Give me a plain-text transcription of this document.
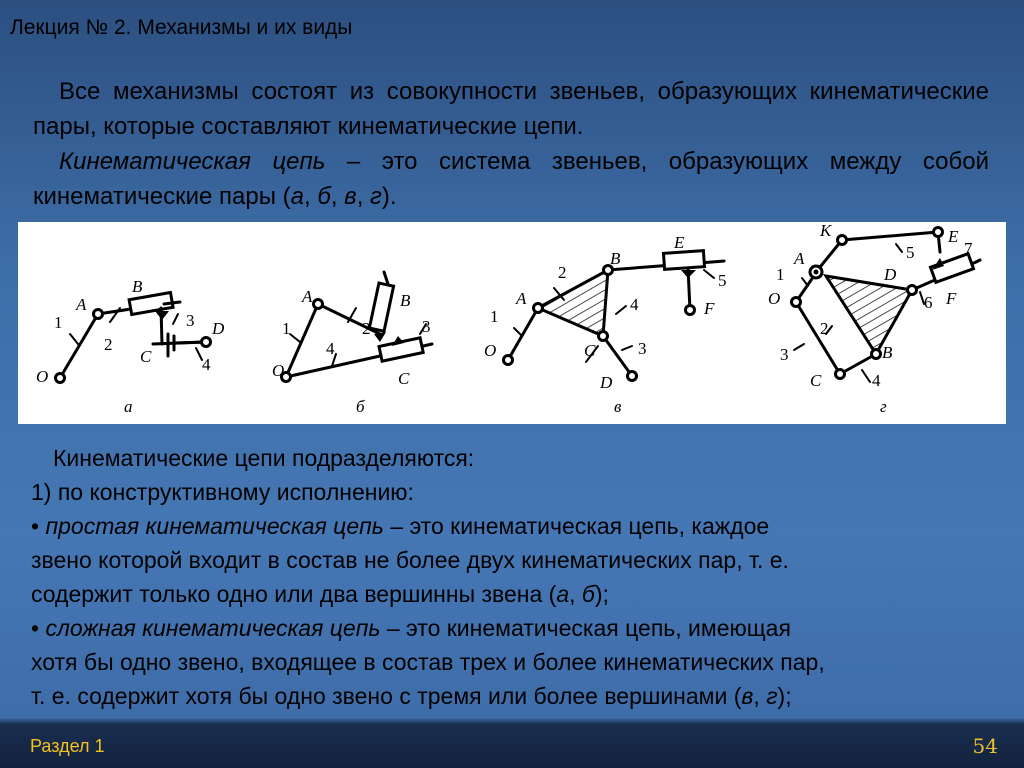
Лекция № 2. Механизмы и их виды

Все механизмы состоят из совокупности звеньев, образующих кинематические пары, которые составляют кинематические цепи.

Кинематическая цепь – это система звеньев, образующих между собой кинематические пары (а, б, в, г).

O
A
B
C
D
1
2
3
4
а
O
A	B
C
1	2	3
4
б
O
A
B
C
D
E
F
1
2
3
4
5
в
O
A
K	E
D
F
B
C
1
2
3
4
5
6
7
г
Кинематические цепи подразделяются:
1) по конструктивному исполнению:
• простая кинематическая цепь – это кинематическая цепь, каждое
звено которой входит в состав не более двух кинематических пар, т. е.
содержит только одно или два вершинны звена (а, б);
• сложная кинематическая цепь – это кинематическая цепь, имеющая
хотя бы одно звено, входящее в состав трех и более кинематических пар,
т. е. содержит хотя бы одно звено с тремя или более вершинами (в, г);
Раздел 1	54
